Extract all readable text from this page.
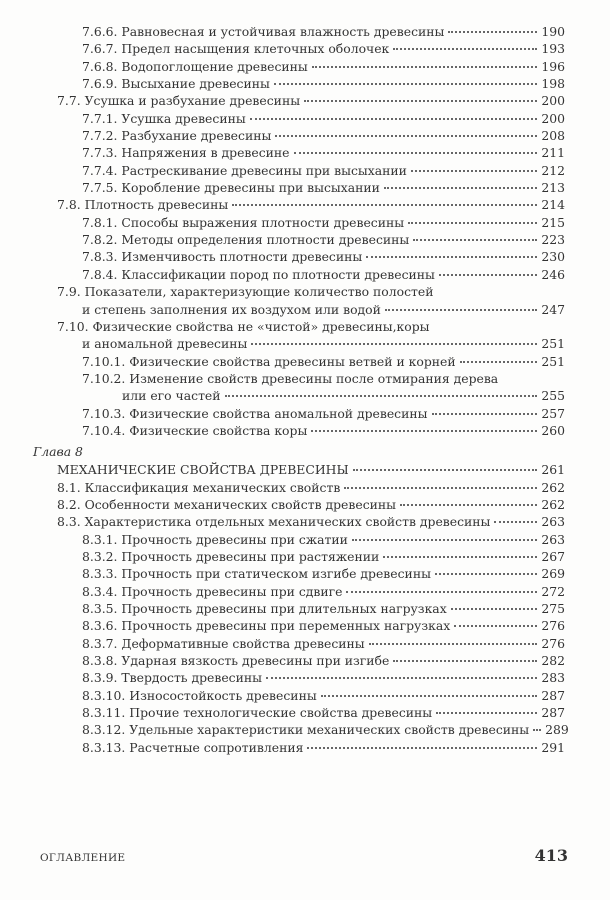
7.6.6. Равновесная и устойчивая влажность древесины	190
7.6.7. Предел насыщения клеточных оболочек	193
7.6.8. Водопоглощение древесины	196
7.6.9. Высыхание древесины	198
7.7. Усушка и разбухание древесины	200
7.7.1. Усушка древесины	200
7.7.2. Разбухание древесины	208
7.7.3. Напряжения в древесине	211
7.7.4. Растрескивание древесины при высыхании	212
7.7.5. Коробление древесины при высыхании	213
7.8. Плотность древесины	214
7.8.1. Способы выражения плотности древесины	215
7.8.2. Методы определения плотности древесины	223
7.8.3. Изменчивость плотности древесины	230
7.8.4. Классификации пород по плотности древесины	246
7.9. Показатели, характеризующие количество полостей
и степень заполнения их воздухом или водой	247
7.10. Физические свойства не «чистой» древесины,коры
и аномальной древесины	251
7.10.1. Физические свойства древесины ветвей и корней	251
7.10.2. Изменение свойств древесины после отмирания дерева
или его частей	255
7.10.3. Физические свойства аномальной древесины	257
7.10.4. Физические свойства коры	260
Глава 8
МЕХАНИЧЕСКИЕ СВОЙСТВА ДРЕВЕСИНЫ	261
8.1. Классификация механических свойств	262
8.2. Особенности механических свойств древесины	262
8.3. Характеристика отдельных механических свойств древесины	263
8.3.1. Прочность древесины при сжатии	263
8.3.2. Прочность древесины при растяжении	267
8.3.3. Прочность при статическом изгибе древесины	269
8.3.4. Прочность древесины при сдвиге	272
8.3.5. Прочность древесины при длительных нагрузках	275
8.3.6. Прочность древесины при переменных нагрузках	276
8.3.7. Деформативные свойства древесины	276
8.3.8. Ударная вязкость древесины при изгибе	282
8.3.9. Твердость древесины	283
8.3.10. Износостойкость древесины	287
8.3.11. Прочие технологические свойства древесины	287
8.3.12. Удельные характеристики механических свойств древесины 289
8.3.13. Расчетные сопротивления	291
ОГЛАВЛЕНИЕ	413
